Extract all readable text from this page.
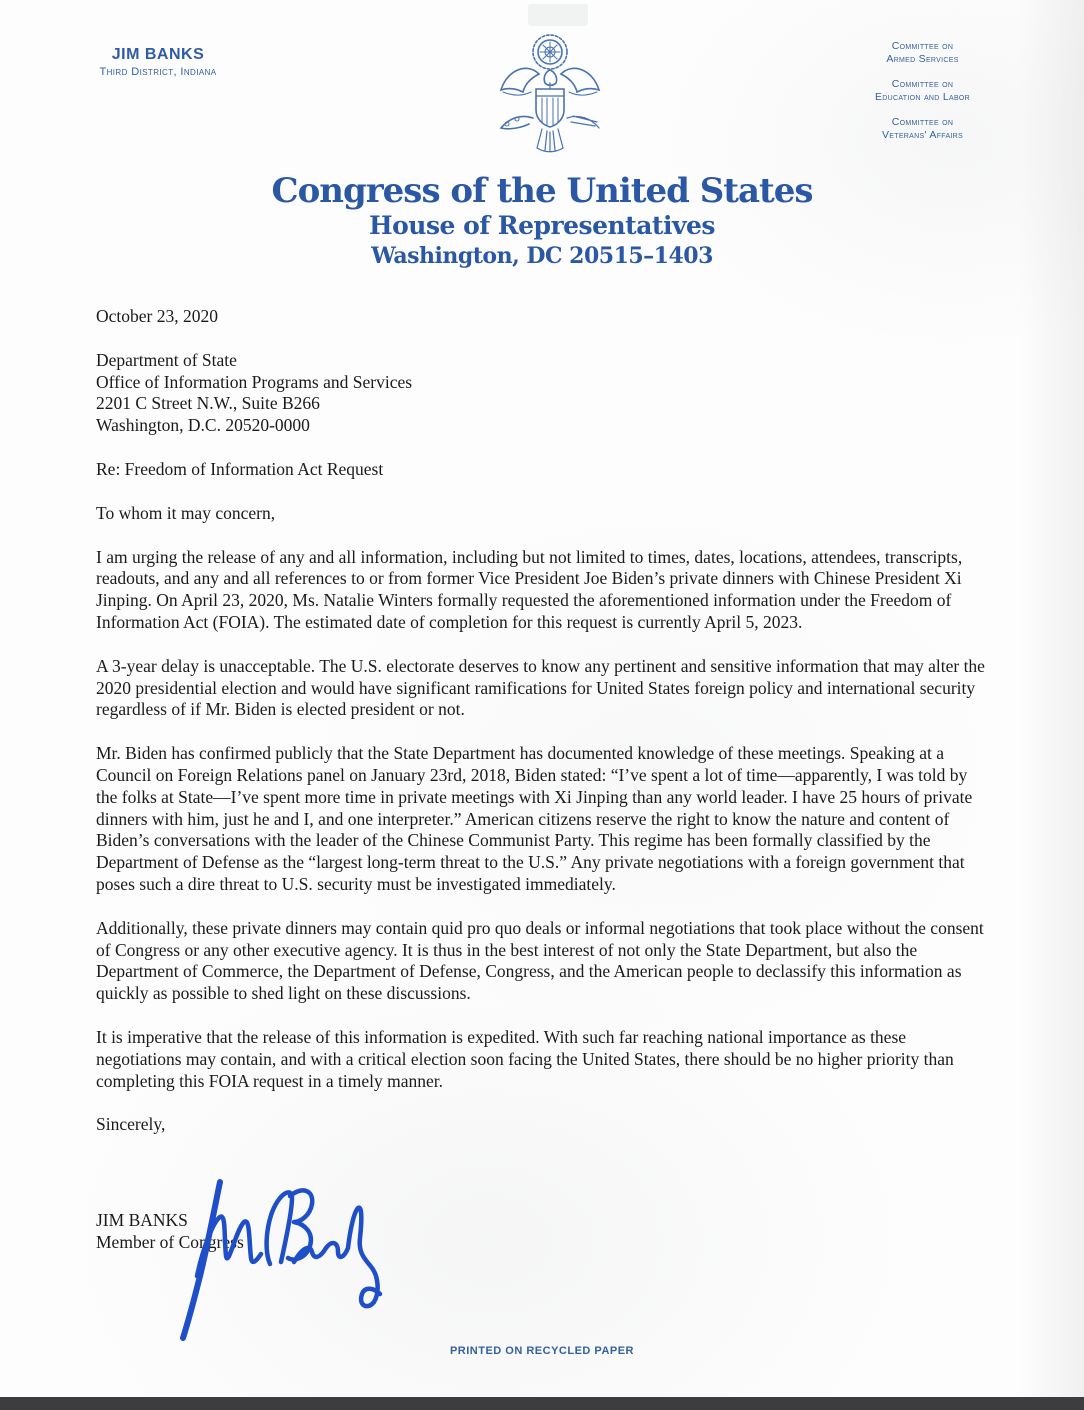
JIM BANKS
Third District, Indiana
Committee on
Armed Services
Committee on
Education and Labor
Committee on
Veterans' Affairs
Congress of the United States
House of Representatives
Washington, DC 20515–1403
October 23, 2020
Department of State
Office of Information Programs and Services
2201 C Street N.W., Suite B266
Washington, D.C. 20520-0000
Re: Freedom of Information Act Request
To whom it may concern,

I am urging the release of any and all information, including but not limited to times, dates, locations, attendees, transcripts, readouts, and any and all references to or from former Vice President Joe Biden’s private dinners with Chinese President Xi Jinping. On April 23, 2020, Ms. Natalie Winters formally requested the aforementioned information under the Freedom of Information Act (FOIA). The estimated date of completion for this request is currently April 5, 2023.

A 3-year delay is unacceptable. The U.S. electorate deserves to know any pertinent and sensitive information that may alter the 2020 presidential election and would have significant ramifications for United States foreign policy and international security regardless of if Mr. Biden is elected president or not.

Mr. Biden has confirmed publicly that the State Department has documented knowledge of these meetings. Speaking at a Council on Foreign Relations panel on January 23rd, 2018, Biden stated: “I’ve spent a lot of time—apparently, I was told by the folks at State—I’ve spent more time in private meetings with Xi Jinping than any world leader. I have 25 hours of private dinners with him, just he and I, and one interpreter.” American citizens reserve the right to know the nature and content of Biden’s conversations with the leader of the Chinese Communist Party. This regime has been formally classified by the Department of Defense as the “largest long-term threat to the U.S.” Any private negotiations with a foreign government that poses such a dire threat to U.S. security must be investigated immediately.

Additionally, these private dinners may contain quid pro quo deals or informal negotiations that took place without the consent of Congress or any other executive agency. It is thus in the best interest of not only the State Department, but also the Department of Commerce, the Department of Defense, Congress, and the American people to declassify this information as quickly as possible to shed light on these discussions.

It is imperative that the release of this information is expedited. With such far reaching national importance as these negotiations may contain, and with a critical election soon facing the United States, there should be no higher priority than completing this FOIA request in a timely manner.

Sincerely,
JIM BANKS
Member of Congress
PRINTED ON RECYCLED PAPER
